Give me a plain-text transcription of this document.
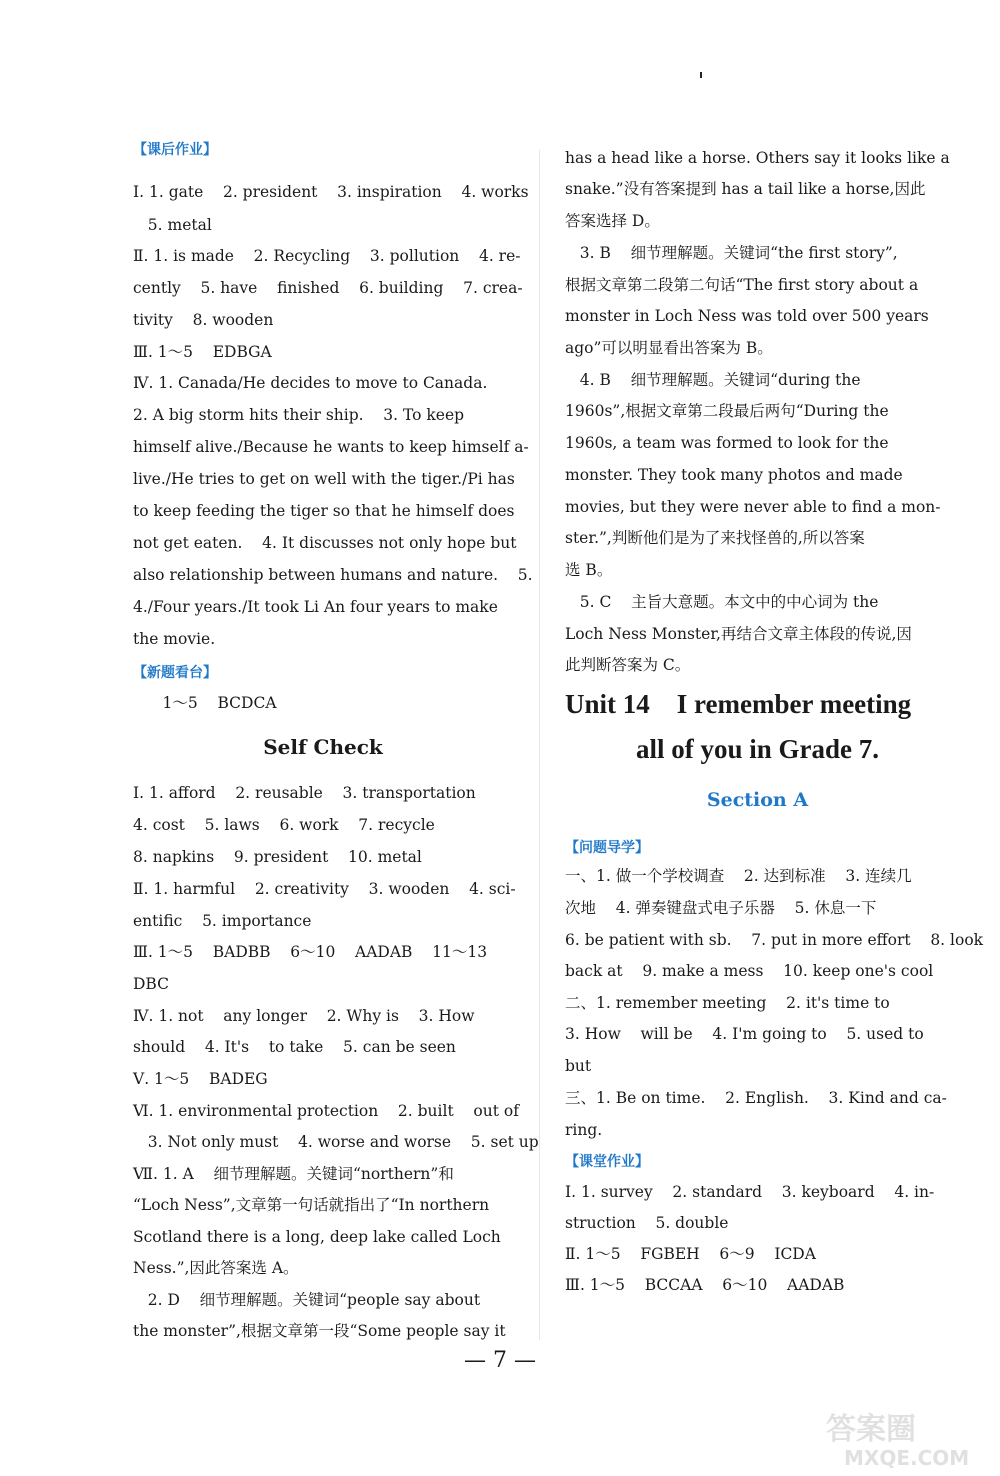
【课后作业】
Ⅰ. 1. gate    2. president    3. inspiration    4. works
5. metal
Ⅱ. 1. is made    2. Recycling    3. pollution    4. re-
cently    5. have    finished    6. building    7. crea-
tivity    8. wooden
Ⅲ. 1～5    EDBGA
Ⅳ. 1. Canada/He decides to move to Canada.
2. A big storm hits their ship.    3. To keep
himself alive./Because he wants to keep himself a-
live./He tries to get on well with the tiger./Pi has
to keep feeding the tiger so that he himself does
not get eaten.    4. It discusses not only hope but
also relationship between humans and nature.    5.
4./Four years./It took Li An four years to make
the movie.
【新题看台】
1～5    BCDCA
Self Check
Ⅰ. 1. afford    2. reusable    3. transportation
4. cost    5. laws    6. work    7. recycle
8. napkins    9. president    10. metal
Ⅱ. 1. harmful    2. creativity    3. wooden    4. sci-
entific    5. importance
Ⅲ. 1～5    BADBB    6～10    AADAB    11～13
DBC
Ⅳ. 1. not    any longer    2. Why is    3. How
should    4. It's    to take    5. can be seen
Ⅴ. 1～5    BADEG
Ⅵ. 1. environmental protection    2. built    out of
3. Not only must    4. worse and worse    5. set up
Ⅶ. 1. A    细节理解题。关键词“northern”和
“Loch Ness”,文章第一句话就指出了“In northern
Scotland there is a long, deep lake called Loch
Ness.”,因此答案选 A。
2. D    细节理解题。关键词“people say about
the monster”,根据文章第一段“Some people say it
has a head like a horse. Others say it looks like a
snake.”没有答案提到 has a tail like a horse,因此
答案选择 D。
3. B    细节理解题。关键词“the first story”,
根据文章第二段第二句话“The first story about a
monster in Loch Ness was told over 500 years
ago”可以明显看出答案为 B。
4. B    细节理解题。关键词“during the
1960s”,根据文章第二段最后两句“During the
1960s, a team was formed to look for the
monster. They took many photos and made
movies, but they were never able to find a mon-
ster.”,判断他们是为了来找怪兽的,所以答案
选 B。
5. C    主旨大意题。本文中的中心词为 the
Loch Ness Monster,再结合文章主体段的传说,因
此判断答案为 C。
Unit 14    I remember meeting
all of you in Grade 7.
Section A
【问题导学】
一、1. 做一个学校调查    2. 达到标准    3. 连续几
次地    4. 弹奏键盘式电子乐器    5. 休息一下
6. be patient with sb.    7. put in more effort    8. look
back at    9. make a mess    10. keep one's cool
二、1. remember meeting    2. it's time to
3. How    will be    4. I'm going to    5. used to
but
三、1. Be on time.    2. English.    3. Kind and ca-
ring.
【课堂作业】
Ⅰ. 1. survey    2. standard    3. keyboard    4. in-
struction    5. double
Ⅱ. 1～5    FGBEH    6～9    ICDA
Ⅲ. 1～5    BCCAA    6～10    AADAB
— 7 —
答案圈
MXQE.COM
